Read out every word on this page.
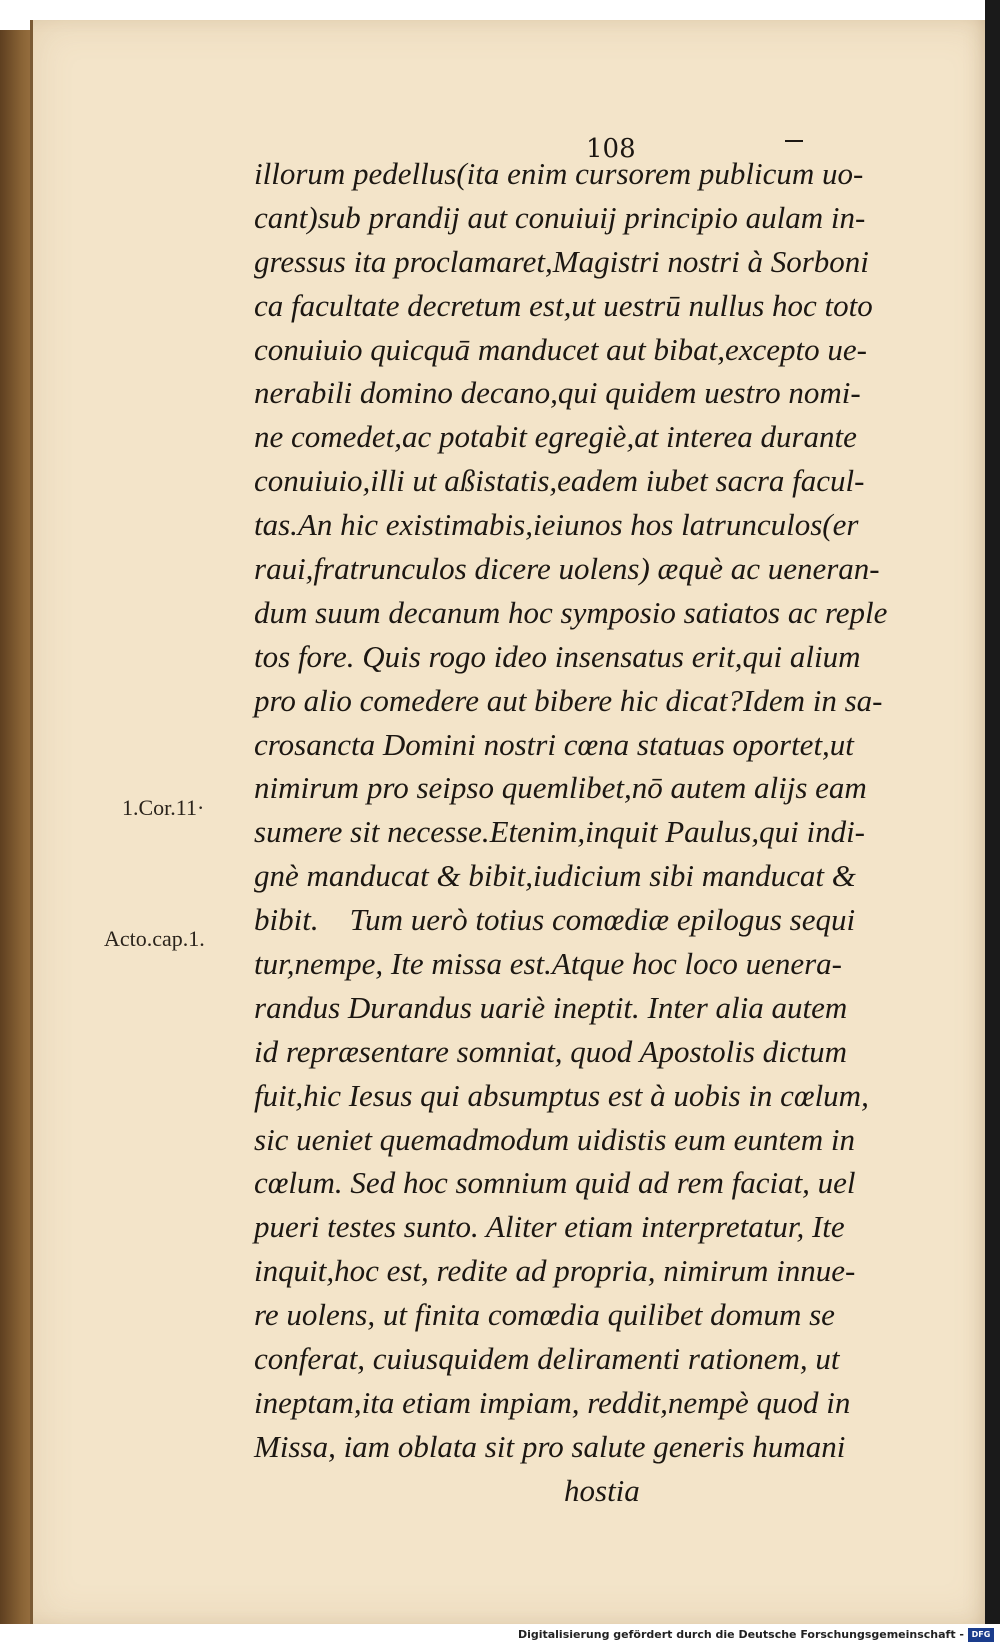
108

illorum pedellus(ita enim cursorem publicum uo-
cant)sub prandij aut conuiuij principio aulam in-
gressus ita proclamaret,Magistri nostri à Sorboni
ca facultate decretum est,ut uestrū nullus hoc toto
conuiuio quicquā manducet aut bibat,excepto ue-
nerabili domino decano,qui quidem uestro nomi-
ne comedet,ac potabit egregiè,at interea durante
conuiuio,illi ut aßistatis,eadem iubet sacra facul-
tas.An hic existimabis,ieiunos hos latrunculos(er
raui,fratrunculos dicere uolens) æquè ac ueneran-
dum suum decanum hoc symposio satiatos ac reple
tos fore. Quis rogo ideo insensatus erit,qui alium
pro alio comedere aut bibere hic dicat?Idem in sa-
crosancta Domini nostri cœna statuas oportet,ut
nimirum pro seipso quemlibet,nō autem alijs eam
sumere sit necesse.Etenim,inquit Paulus,qui indi-
gnè manducat & bibit,iudicium sibi manducat &
bibit.    Tum uerò totius comœdiæ epilogus sequi
tur,nempe, Ite missa est.Atque hoc loco uenera-
randus Durandus uariè ineptit. Inter alia autem
id repræsentare somniat, quod Apostolis dictum
fuit,hic Iesus qui absumptus est à uobis in cœlum,
sic ueniet quemadmodum uidistis eum euntem in
cœlum. Sed hoc somnium quid ad rem faciat, uel
pueri testes sunto. Aliter etiam interpretatur, Ite
inquit,hoc est, redite ad propria, nimirum innue-
re uolens, ut finita comœdia quilibet domum se
conferat, cuiusquidem deliramenti rationem, ut
ineptam,ita etiam impiam, reddit,nempè quod in
Missa, iam oblata sit pro salute generis humani
hostia
1.Cor.11·
Acto.cap.1.
Digitalisierung gefördert durch die Deutsche Forschungsgemeinschaft - DFG
